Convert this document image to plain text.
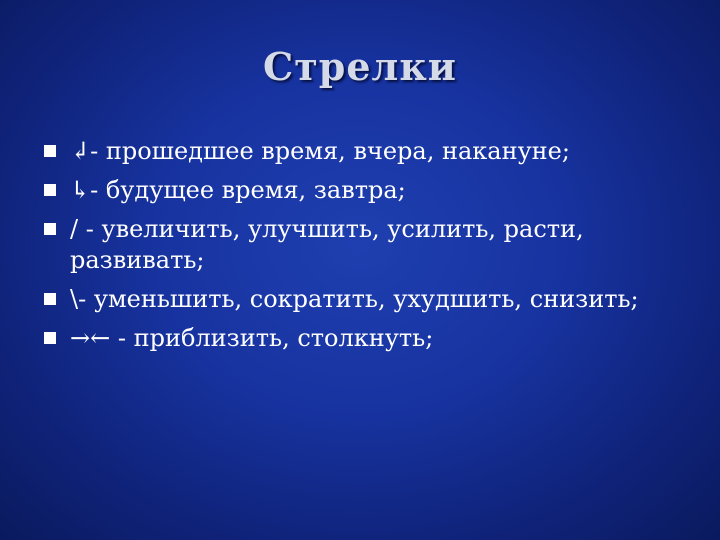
Стрелки
↲- прошедшее время, вчера, накануне;
↳- будущее время, завтра;
/ - увеличить, улучшить, усилить, расти, развивать;
\- уменьшить, сократить, ухудшить, снизить;
→← - приблизить, столкнуть;
